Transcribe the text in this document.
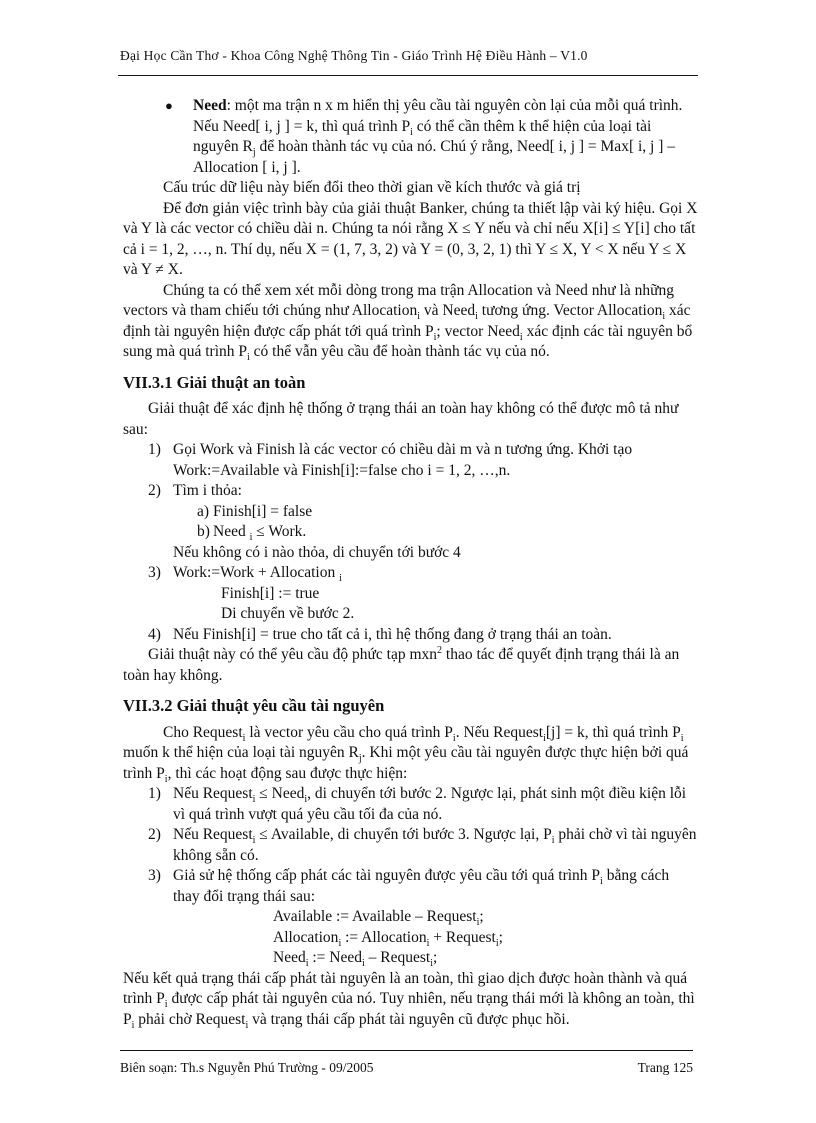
Đại Học Cần Thơ - Khoa Công Nghệ Thông Tin - Giáo Trình Hệ Điều Hành – V1.0

● Need: một ma trận n x m hiển thị yêu cầu tài nguyên còn lại của mỗi quá trình. Nếu Need[ i, j ] = k, thì quá trình $P_i$ có thể cần thêm k thể hiện của loại tài nguyên $R_j$ để hoàn thành tác vụ của nó. Chú ý rằng, Need[ i, j ] = Max[ i, j ] – Allocation [ i, j ].

Cấu trúc dữ liệu này biến đổi theo thời gian về kích thước và giá trị

Để đơn giản việc trình bày của giải thuật Banker, chúng ta thiết lập vài ký hiệu. Gọi X và Y là các vector có chiều dài n. Chúng ta nói rằng X ≤ Y nếu và chỉ nếu X[i] ≤ Y[i] cho tất cả i = 1, 2, …, n. Thí dụ, nếu X = (1, 7, 3, 2) và Y = (0, 3, 2, 1) thì Y ≤ X, Y < X nếu Y ≤ X và Y ≠ X.

Chúng ta có thể xem xét mỗi dòng trong ma trận Allocation và Need như là những vectors và tham chiếu tới chúng như Allocation$_i$ và Need$_i$ tương ứng. Vector Allocation$_i$ xác định tài nguyên hiện được cấp phát tới quá trình $P_i$; vector Need$_i$ xác định các tài nguyên bổ sung mà quá trình $P_i$ có thể vẫn yêu cầu để hoàn thành tác vụ của nó.

VII.3.1 Giải thuật an toàn

Giải thuật để xác định hệ thống ở trạng thái an toàn hay không có thể được mô tả như sau:

1) Gọi Work và Finish là các vector có chiều dài m và n tương ứng. Khởi tạo Work:=Available và Finish[i]:=false cho i = 1, 2, …,n.

2) Tìm i thỏa:

a) Finish[i] = false

b) Need $_i$ ≤ Work.

Nếu không có i nào thỏa, di chuyển tới bước 4

3) Work:=Work + Allocation $_i$

Finish[i] := true

Di chuyển về bước 2.

4) Nếu Finish[i] = true cho tất cả i, thì hệ thống đang ở trạng thái an toàn.

Giải thuật này có thể yêu cầu độ phức tạp mxn$^2$ thao tác để quyết định trạng thái là an toàn hay không.

VII.3.2 Giải thuật yêu cầu tài nguyên

Cho Request$_i$ là vector yêu cầu cho quá trình $P_i$. Nếu Request$_i$[j] = k, thì quá trình $P_i$ muốn k thể hiện của loại tài nguyên $R_j$. Khi một yêu cầu tài nguyên được thực hiện bởi quá trình $P_i$, thì các hoạt động sau được thực hiện:

1) Nếu Request$_i$ ≤ Need$_i$, di chuyển tới bước 2. Ngược lại, phát sinh một điều kiện lỗi vì quá trình vượt quá yêu cầu tối đa của nó.

2) Nếu Request$_i$ ≤ Available, di chuyển tới bước 3. Ngược lại, $P_i$ phải chờ vì tài nguyên không sẵn có.

3) Giả sử hệ thống cấp phát các tài nguyên được yêu cầu tới quá trình $P_i$ bằng cách thay đổi trạng thái sau:

Available := Available – Request$_i$;

Allocation$_i$ := Allocation$_i$ + Request$_i$;

Need$_i$ := Need$_i$ – Request$_i$;

Nếu kết quả trạng thái cấp phát tài nguyên là an toàn, thì giao dịch được hoàn thành và quá trình $P_i$ được cấp phát tài nguyên của nó. Tuy nhiên, nếu trạng thái mới là không an toàn, thì $P_i$ phải chờ Request$_i$ và trạng thái cấp phát tài nguyên cũ được phục hồi.

Biên soạn: Th.s Nguyễn Phú Trường - 09/2005	Trang 125
